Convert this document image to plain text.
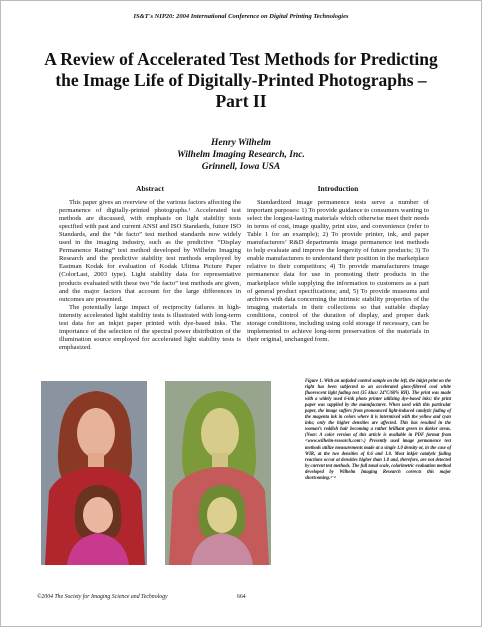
IS&T's NIP20: 2004 International Conference on Digital Printing Technologies
A Review of Accelerated Test Methods for Predicting the Image Life of Digitally-Printed Photographs – Part II
Henry Wilhelm
Wilhelm Imaging Research, Inc.
Grinnell, Iowa USA
Abstract

This paper gives an overview of the various factors affecting the permanence of digitally-printed photographs.¹ Accelerated test methods are discussed, with emphasis on light stability tests specified with past and current ANSI and ISO Standards, future ISO Standards, and the “de facto” test method standards now widely used in the imaging industry, such as the predictive “Display Permanence Rating” test method developed by Wilhelm Imaging Research and the predictive stability test methods employed by Eastman Kodak for evaluation of Kodak Ultima Picture Paper (ColorLast, 2003 type). Light stability data for representative products evaluated with these two “de facto” test methods are given, and the major factors that account for the large differences in outcomes are presented.

The potentially large impact of reciprocity failures in high-intensity accelerated light stability tests is illustrated with long-term test data for an inkjet paper printed with dye-based inks. The importance of the selection of the spectral power distribution of the illumination source employed for accelerated light stability tests is emphasized.

Introduction

Standardized image permanence tests serve a number of important purposes: 1) To provide guidance to consumers wanting to select the longest-lasting materials which otherwise meet their needs in terms of cost, image quality, print size, and convenience (refer to Table 1 for an example); 2) To provide printer, ink, and paper manufacturers’ R&D departments image permanence test methods to help evaluate and improve the longevity of future products; 3) To enable manufacturers to understand their position in the marketplace relative to their competitors; 4) To provide manufacturers image permanence data for use in promoting their products in the marketplace while supplying the information to customers as a part of general product specifications; and, 5) To provide museums and archives with data concerning the intrinsic stability properties of the imaging materials in their collections so that suitable display conditions, control of the duration of display, and proper dark storage conditions, including using cold storage if necessary, can be implemented to achieve long-term preservation of the materials in their original, unchanged form.

Figure 1. With an unfaded control sample on the left, the inkjet print on the right has been subjected to an accelerated glass-filtered cool white fluorescent light fading test (35 klux/ 24°C/60% RH). The print was made with a widely used 6-ink photo printer utilizing dye-based inks; the print paper was supplied by the manufacturer. When used with this particular paper, the image suffers from pronounced light-induced catalytic fading of the magenta ink in colors where it is intermixed with the yellow and cyan inks; only the higher densities are affected. This has resulted in the woman’s reddish hair becoming a rather brilliant green in darker areas. (Note: A color version of this article is available in PDF format from <www.wilhelm-research.com>.) Presently used image permanence test methods utilize measurements made at a single 1.0 density or, in the case of WIR, at the two densities of 0.6 and 1.0. Most inkjet catalytic fading reactions occur at densities higher than 1.0 and, therefore, are not detected by current test methods. The full tonal scale, colorimetric evaluation method developed by Wilhelm Imaging Research corrects this major shortcoming.³⁻⁴
©2004 The Society for Imaging Science and Technology	664
